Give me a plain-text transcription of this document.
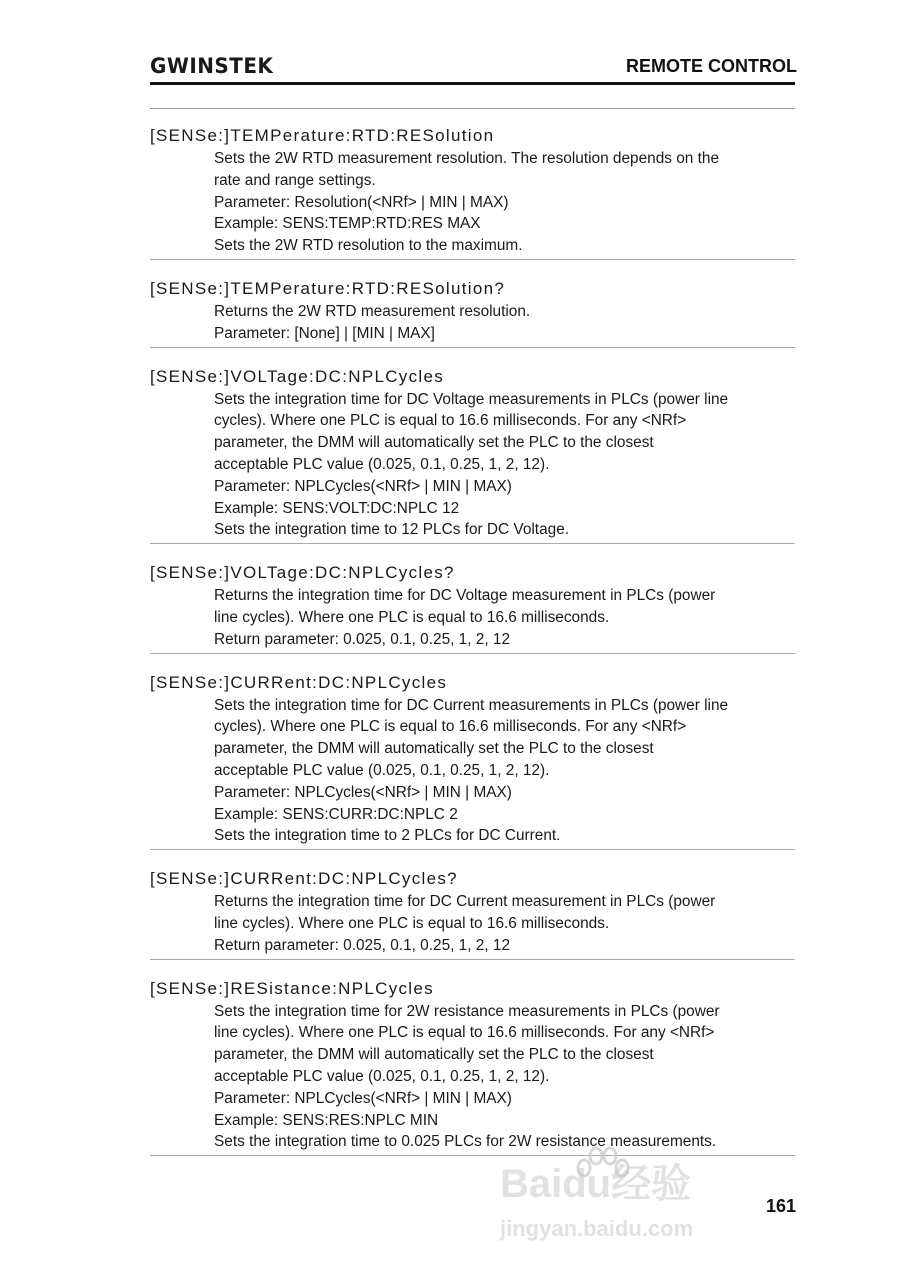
GWINSTEK	REMOTE CONTROL
[SENSe:]TEMPerature:RTD:RESolution
Sets the 2W RTD measurement resolution. The resolution depends on the
rate and range settings.
Parameter: Resolution(<NRf> | MIN | MAX)
Example: SENS:TEMP:RTD:RES MAX
Sets the 2W RTD resolution to the maximum.
[SENSe:]TEMPerature:RTD:RESolution?
Returns the 2W RTD measurement resolution.
Parameter: [None] | [MIN | MAX]
[SENSe:]VOLTage:DC:NPLCycles
Sets the integration time for DC Voltage measurements in PLCs (power line
cycles). Where one PLC is equal to 16.6 milliseconds. For any <NRf>
parameter, the DMM will automatically set the PLC to the closest
acceptable PLC value (0.025, 0.1, 0.25, 1, 2, 12).
Parameter: NPLCycles(<NRf> | MIN | MAX)
Example: SENS:VOLT:DC:NPLC 12
Sets the integration time to 12 PLCs for DC Voltage.
[SENSe:]VOLTage:DC:NPLCycles?
Returns the integration time for DC Voltage measurement in PLCs (power
line cycles). Where one PLC is equal to 16.6 milliseconds.
Return parameter: 0.025, 0.1, 0.25, 1, 2, 12
[SENSe:]CURRent:DC:NPLCycles
Sets the integration time for DC Current measurements in PLCs (power line
cycles). Where one PLC is equal to 16.6 milliseconds. For any <NRf>
parameter, the DMM will automatically set the PLC to the closest
acceptable PLC value (0.025, 0.1, 0.25, 1, 2, 12).
Parameter: NPLCycles(<NRf> | MIN | MAX)
Example: SENS:CURR:DC:NPLC 2
Sets the integration time to 2 PLCs for DC Current.
[SENSe:]CURRent:DC:NPLCycles?
Returns the integration time for DC Current measurement in PLCs (power
line cycles). Where one PLC is equal to 16.6 milliseconds.
Return parameter: 0.025, 0.1, 0.25, 1, 2, 12
[SENSe:]RESistance:NPLCycles
Sets the integration time for 2W resistance measurements in PLCs (power
line cycles). Where one PLC is equal to 16.6 milliseconds. For any <NRf>
parameter, the DMM will automatically set the PLC to the closest
acceptable PLC value (0.025, 0.1, 0.25, 1, 2, 12).
Parameter: NPLCycles(<NRf> | MIN | MAX)
Example: SENS:RES:NPLC MIN
Sets the integration time to 0.025 PLCs for 2W resistance measurements.
Baidu经验
jingyan.baidu.com
161
